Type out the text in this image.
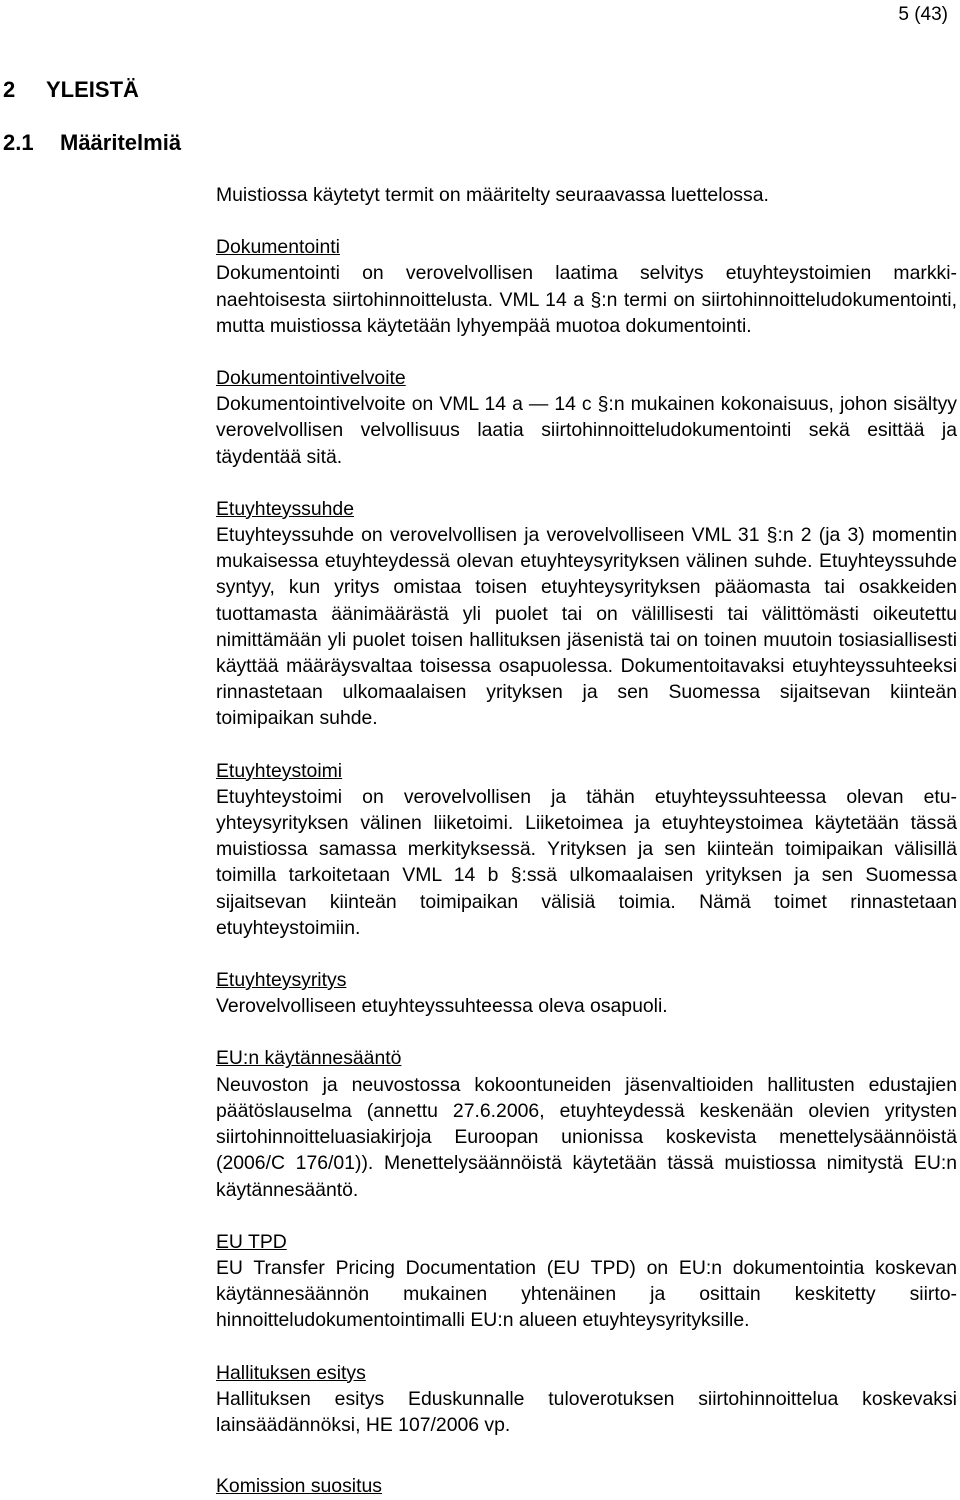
5 (43)
2 YLEISTÄ
2.1 Määritelmiä

Muistiossa käytetyt termit on määritelty seuraavassa luettelossa.

Dokumentointi

Dokumentointi on verovelvollisen laatima selvitys etuyhteystoimien markkinaehtoisesta siirtohinnoittelusta. VML 14 a §:n termi on siirtohinnoitteludokumentointi, mutta muistiossa käytetään lyhyempää muotoa dokumentointi.

Dokumentointivelvoite

Dokumentointivelvoite on VML 14 a — 14 c §:n mukainen kokonaisuus, johon sisältyy verovelvollisen velvollisuus laatia siirtohinnoitteludokumentointi sekä esittää ja täydentää sitä.

Etuyhteyssuhde

Etuyhteyssuhde on verovelvollisen ja verovelvolliseen VML 31 §:n 2 (ja 3) momentin mukaisessa etuyhteydessä olevan etuyhteysyrityksen välinen suhde. Etuyhteyssuhde syntyy, kun yritys omistaa toisen etuyhteysyrityksen pääomasta tai osakkeiden tuottamasta äänimäärästä yli puolet tai on välillisesti tai välittömästi oikeutettu nimittämään yli puolet toisen hallituksen jäsenistä tai on toinen muutoin tosiasiallisesti käyttää määräysvaltaa toisessa osapuolessa. Dokumentoitavaksi etuyhteyssuhteeksi rinnastetaan ulkomaalaisen yrityksen ja sen Suomessa sijaitsevan kiinteän toimipaikan suhde.

Etuyhteystoimi

Etuyhteystoimi on verovelvollisen ja tähän etuyhteyssuhteessa olevan etuyhteysyrityksen välinen liiketoimi. Liiketoimea ja etuyhteystoimea käytetään tässä muistiossa samassa merkityksessä. Yrityksen ja sen kiinteän toimipaikan välisillä toimilla tarkoitetaan VML 14 b §:ssä ulkomaalaisen yrityksen ja sen Suomessa sijaitsevan kiinteän toimipaikan välisiä toimia. Nämä toimet rinnastetaan etuyhteystoimiin.

Etuyhteysyritys

Verovelvolliseen etuyhteyssuhteessa oleva osapuoli.

EU:n käytännesääntö

Neuvoston ja neuvostossa kokoontuneiden jäsenvaltioiden hallitusten edustajien päätöslauselma (annettu 27.6.2006, etuyhteydessä keskenään olevien yritysten siirtohinnoitteluasiakirjoja Euroopan unionissa koskevista menettelysäännöistä (2006/C 176/01)). Menettelysäännöistä käytetään tässä muistiossa nimitystä EU:n käytännesääntö.

EU TPD

EU Transfer Pricing Documentation (EU TPD) on EU:n dokumentointia koskevan käytännesäännön mukainen yhtenäinen ja osittain keskitetty siirtohinnoitteludokumentointimalli EU:n alueen etuyhteysyrityksille.

Hallituksen esitys

Hallituksen esitys Eduskunnalle tuloverotuksen siirtohinnoittelua koskevaksi lainsäädännöksi, HE 107/2006 vp.

Komission suositus
